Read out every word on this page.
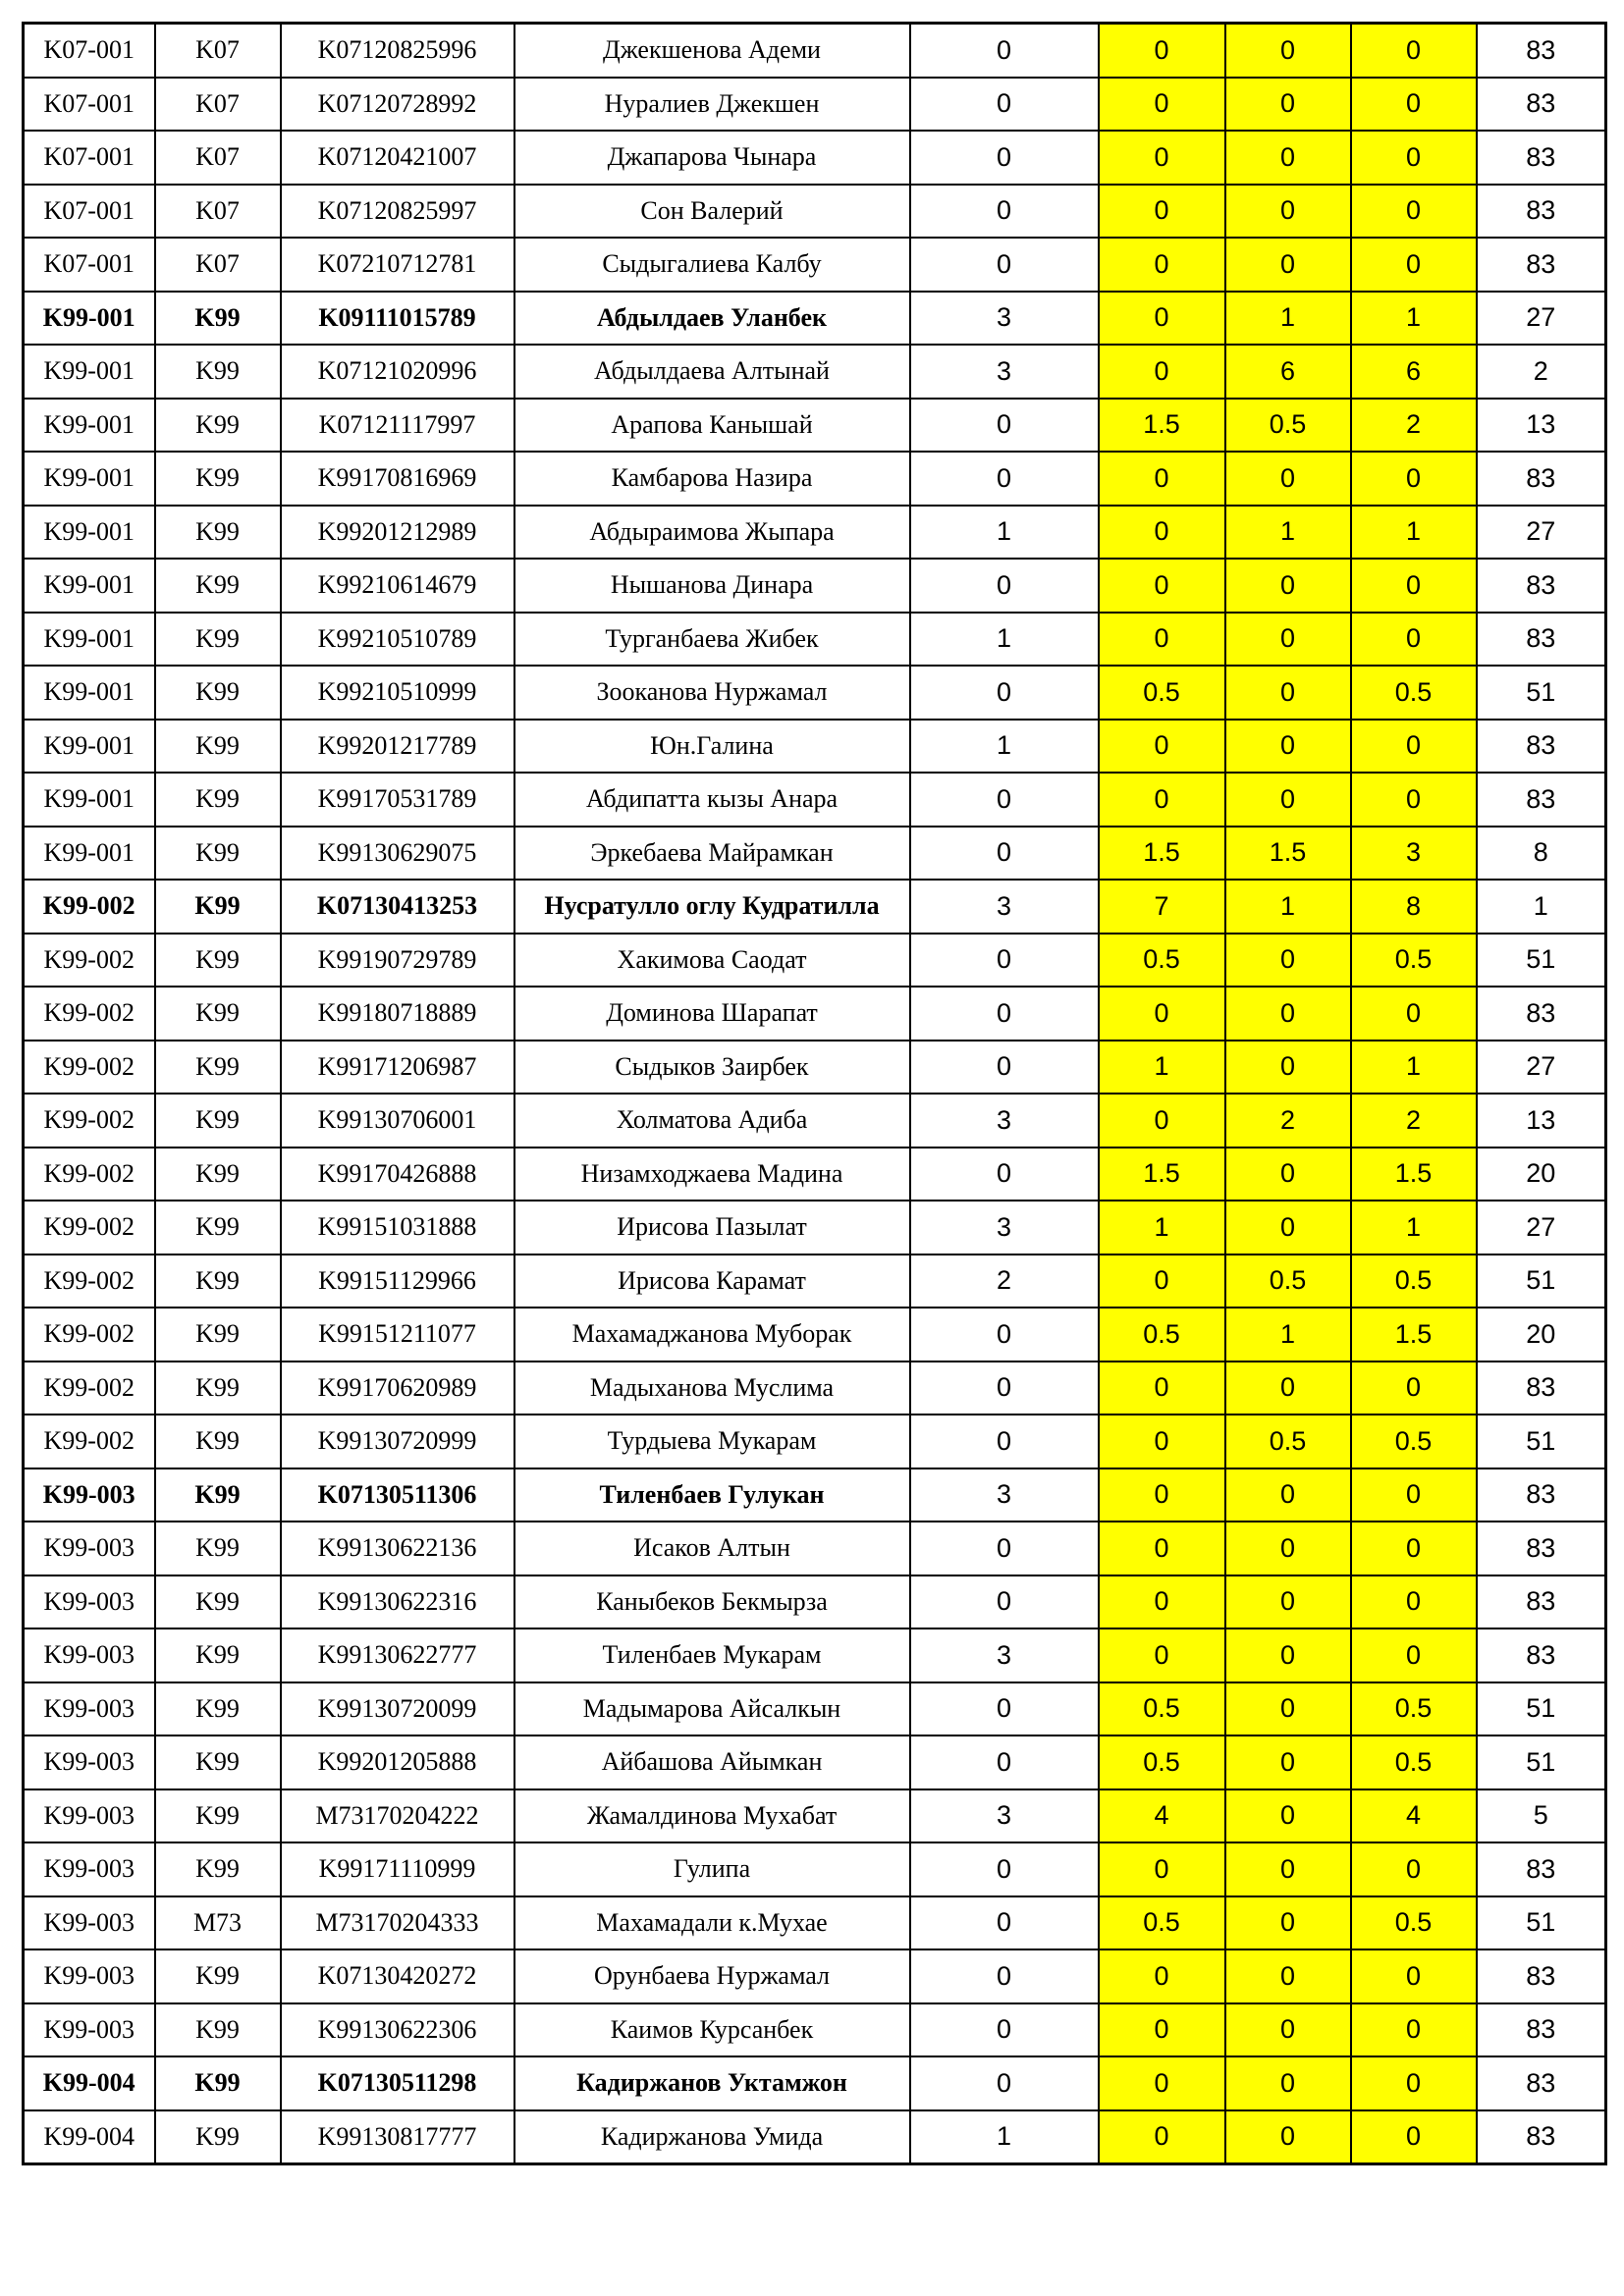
K07-001	K07	K07120825996	Джекшенова Адеми	0	0	0	0	83
K07-001	K07	K07120728992	Нуралиев Джекшен	0	0	0	0	83
K07-001	K07	K07120421007	Джапарова Чынара	0	0	0	0	83
K07-001	K07	K07120825997	Сон Валерий	0	0	0	0	83
K07-001	K07	K07210712781	Сыдыгалиева Калбу	0	0	0	0	83
K99-001	K99	K09111015789	Абдылдаев Уланбек	3	0	1	1	27
K99-001	K99	K07121020996	Абдылдаева Алтынай	3	0	6	6	2
K99-001	K99	K07121117997	Арапова Канышай	0	1.5	0.5	2	13
K99-001	K99	K99170816969	Камбарова Назира	0	0	0	0	83
K99-001	K99	K99201212989	Абдыраимова Жыпара	1	0	1	1	27
K99-001	K99	K99210614679	Нышанова Динара	0	0	0	0	83
K99-001	K99	K99210510789	Турганбаева Жибек	1	0	0	0	83
K99-001	K99	K99210510999	Зооканова Нуржамал	0	0.5	0	0.5	51
K99-001	K99	K99201217789	Юн.Галина	1	0	0	0	83
K99-001	K99	K99170531789	Абдипатта кызы Анара	0	0	0	0	83
K99-001	K99	K99130629075	Эркебаева Майрамкан	0	1.5	1.5	3	8
K99-002	K99	K07130413253	Нусратулло оглу Кудратилла	3	7	1	8	1
K99-002	K99	K99190729789	Хакимова Саодат	0	0.5	0	0.5	51
K99-002	K99	K99180718889	Доминова Шарапат	0	0	0	0	83
K99-002	K99	K99171206987	Сыдыков Заирбек	0	1	0	1	27
K99-002	K99	K99130706001	Холматова Адиба	3	0	2	2	13
K99-002	K99	K99170426888	Низамходжаева Мадина	0	1.5	0	1.5	20
K99-002	K99	K99151031888	Ирисова Пазылат	3	1	0	1	27
K99-002	K99	K99151129966	Ирисова Карамат	2	0	0.5	0.5	51
K99-002	K99	K99151211077	Махамаджанова Муборак	0	0.5	1	1.5	20
K99-002	K99	K99170620989	Мадыханова Муслима	0	0	0	0	83
K99-002	K99	K99130720999	Турдыева Мукарам	0	0	0.5	0.5	51
K99-003	K99	K07130511306	Тиленбаев Гулукан	3	0	0	0	83
K99-003	K99	K99130622136	Исаков Алтын	0	0	0	0	83
K99-003	K99	K99130622316	Каныбеков Бекмырза	0	0	0	0	83
K99-003	K99	K99130622777	Тиленбаев Мукарам	3	0	0	0	83
K99-003	K99	K99130720099	Мадымарова Айсалкын	0	0.5	0	0.5	51
K99-003	K99	K99201205888	Айбашова Айымкан	0	0.5	0	0.5	51
K99-003	K99	M73170204222	Жамалдинова Мухабат	3	4	0	4	5
K99-003	K99	K99171110999	Гулипа	0	0	0	0	83
K99-003	M73	M73170204333	Махамадали к.Мухае	0	0.5	0	0.5	51
K99-003	K99	K07130420272	Орунбаева Нуржамал	0	0	0	0	83
K99-003	K99	K99130622306	Каимов Курсанбек	0	0	0	0	83
K99-004	K99	K07130511298	Кадиржанов Уктамжон	0	0	0	0	83
K99-004	K99	K99130817777	Кадиржанова Умида	1	0	0	0	83
